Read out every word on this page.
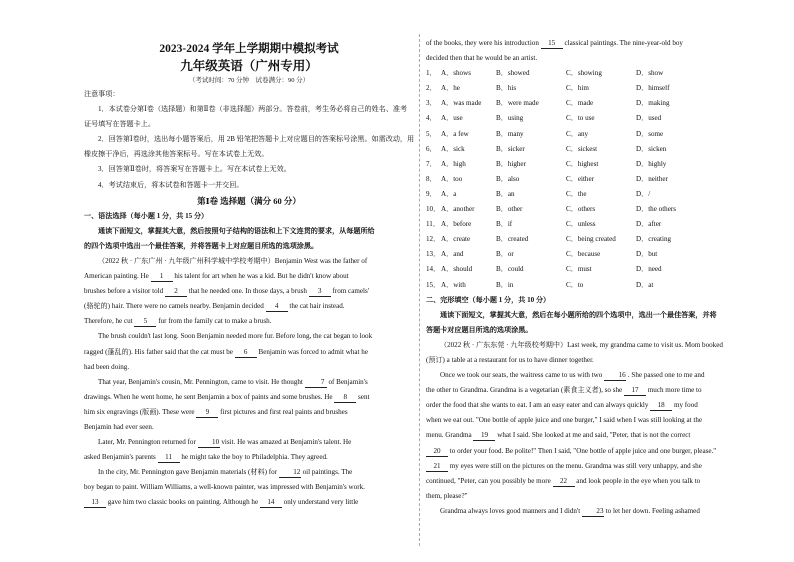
2023-2024 学年上学期期中模拟考试
九年级英语（广州专用）
（考试时间：70 分钟　试卷满分：90 分）

注意事项：

1．本试卷分第Ⅰ卷（选择题）和第Ⅱ卷（非选择题）两部分。答卷前，考生务必将自己的姓名、准考

证号填写在答题卡上。

2．回答第Ⅰ卷时，选出每小题答案后，用 2B 铅笔把答题卡上对应题目的答案标号涂黑。如需改动，用

橡皮擦干净后，再选涂其他答案标号。写在本试卷上无效。

3．回答第Ⅱ卷时，将答案写在答题卡上。写在本试卷上无效。

4．考试结束后，将本试卷和答题卡一并交回。

第Ⅰ卷 选择题（满分 60 分）

一、语法选择（每小题 1 分，共 15 分）

通读下面短文，掌握其大意，然后按照句子结构的语法和上下文连贯的要求，从每题所给

的四个选项中选出一个最佳答案，并将答题卡上对应题目所选的选项涂黑。

（2022 秋 · 广东广州 · 九年级广州科学城中学校考期中）Benjamin West was the father of

American painting. He 1 his talent for art when he was a kid. But he didn't know about

brushes before a visitor told 2 that he needed one. In those days, a brush 3 from camels'

(骆驼的) hair. There were no camels nearby. Benjamin decided 4 the cat hair instead.

Therefore, he cut 5 fur from the family cat to make a brush.

The brush couldn't last long. Soon Benjamin needed more fur. Before long, the cat began to look

ragged (蓬乱的). His father said that the cat must be 6 Benjamin was forced to admit what he

had been doing.

That year, Benjamin's cousin, Mr. Pennington, came to visit. He thought 7 of Benjamin's

drawings. When he went home, he sent Benjamin a box of paints and some brushes. He 8 sent

him six engravings (版画). These were 9 first pictures and first real paints and brushes

Benjamin had ever seen.

Later, Mr. Pennington returned for 10 visit. He was amazed at Benjamin's talent. He

asked Benjamin's parents 11 he might take the boy to Philadelphia. They agreed.

In the city, Mr. Pennington gave Benjamin materials (材料) for 12 oil paintings. The

boy began to paint. William Williams, a well-known painter, was impressed with Benjamin's work.

13 gave him two classic books on painting. Although he 14 only understand very little

of the books, they were his introduction 15 classical paintings. The nine-year-old boy

decided then that he would be an artist.

1． A．shows	B．showed	C．showing	D．show
2． A．he	B．his	C．him	D．himself
3． A．was made	B．were made	C．made	D．making
4． A．use	B．using	C．to use	D．used
5． A．a few	B．many	C．any	D．some
6． A．sick	B．sicker	C．sickest	D．sicken
7． A．high	B．higher	C．highest	D．highly
8． A．too	B．also	C．either	D．neither
9． A．a	B．an	C．the	D．/
10． A．another	B．other	C．others	D．the others
11． A．before	B．if	C．unless	D．after
12． A．create	B．created	C．being created	D．creating
13． A．and	B．or	C．because	D．but
14． A．should	B．could	C．must	D．need
15． A．with	B．in	C．to	D．at

二、完形填空（每小题 1 分，共 10 分）

通读下面短文，掌握其大意，然后在每小题所给的四个选项中，选出一个最佳答案，并将

答题卡对应题目所选的选项涂黑。

（2022 秋 · 广东东莞 · 九年级校考期中）Last week, my grandma came to visit us. Mom booked

(预订) a table at a restaurant for us to have dinner together.

Once we took our seats, the waitress came to us with two 16 . She passed one to me and

the other to Grandma. Grandma is a vegetarian (素食主义者), so she 17 much more time to

order the food that she wants to eat. I am an easy eater and can always quickly 18 my food

when we eat out. "One bottle of apple juice and one burger," I said when I was still looking at the

menu. Grandma 19 what I said. She looked at me and said, "Peter, that is not the correct

20 to order your food. Be polite!" Then I said, "One bottle of apple juice and one burger, please."

21 my eyes were still on the pictures on the menu. Grandma was still very unhappy, and she

continued, "Peter, can you possibly be more 22 and look people in the eye when you talk to

them, please?"

Grandma always loves good manners and I didn't 23 to let her down. Feeling ashamed
